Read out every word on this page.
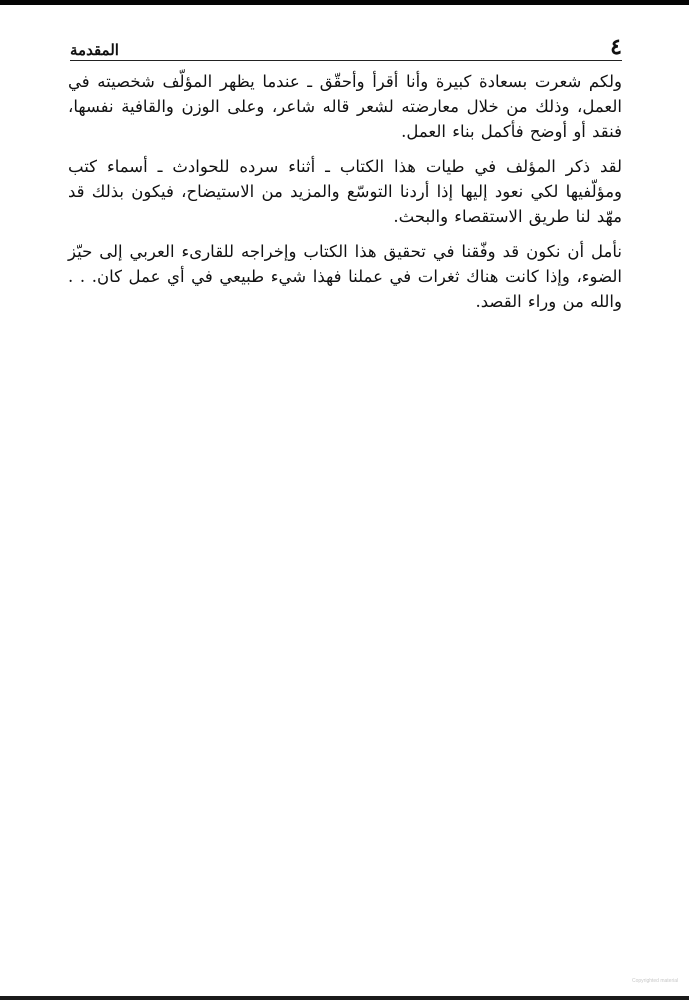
٤
المقدمة

ولكم شعرت بسعادة كبيرة وأنا أقرأ وأحقّق ـ عندما يظهر المؤلّف شخصيته في العمل، وذلك من خلال معارضته لشعر قاله شاعر، وعلى الوزن والقافية نفسها، فنقد أو أوضح فأكمل بناء العمل.

لقد ذكر المؤلف في طيات هذا الكتاب ـ أثناء سرده للحوادث ـ أسماء كتب ومؤلّفيها لكي نعود إليها إذا أردنا التوسّع والمزيد من الاستيضاح، فيكون بذلك قد مهّد لنا طريق الاستقصاء والبحث.

نأمل أن نكون قد وفّقنا في تحقيق هذا الكتاب وإخراجه للقارىء العربي إلى حيّز الضوء، وإذا كانت هناك ثغرات في عملنا فهذا شيء طبيعي في أي عمل كان. . . والله من وراء القصد.

Copyrighted material
